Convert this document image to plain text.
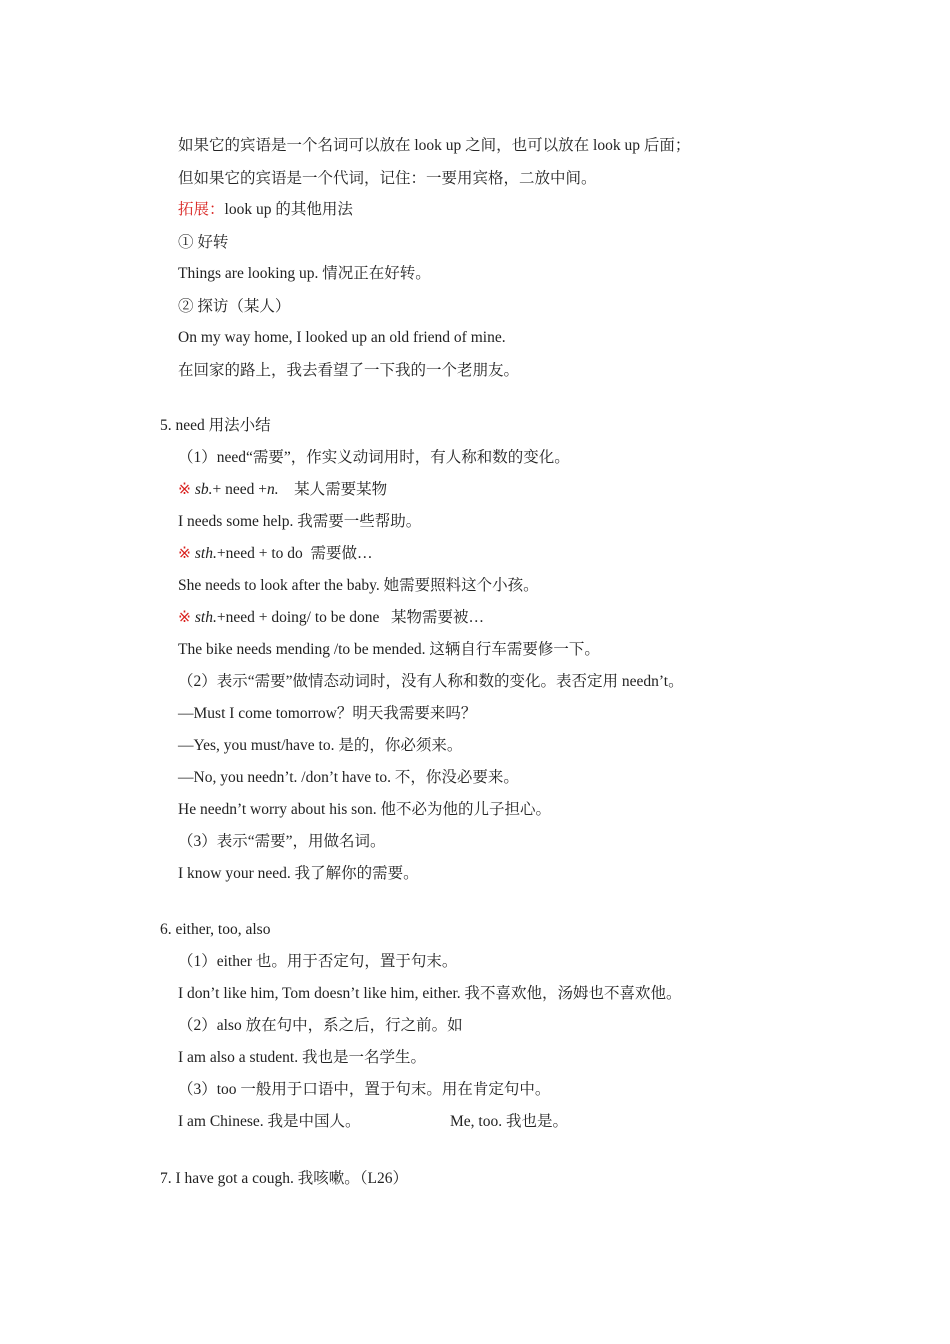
如果它的宾语是一个名词可以放在 look up 之间，也可以放在 look up 后面；
但如果它的宾语是一个代词，记住：一要用宾格，二放中间。
拓展：look up 的其他用法
① 好转
Things are looking up. 情况正在好转。
② 探访（某人）
On my way home, I looked up an old friend of mine.
在回家的路上，我去看望了一下我的一个老朋友。
5. need 用法小结
（1）need“需要”，作实义动词用时，有人称和数的变化。
※ sb.+ need +n.    某人需要某物
I needs some help. 我需要一些帮助。
※ sth.+need + to do  需要做…
She needs to look after the baby. 她需要照料这个小孩。
※ sth.+need + doing/ to be done   某物需要被…
The bike needs mending /to be mended. 这辆自行车需要修一下。
（2）表示“需要”做情态动词时，没有人称和数的变化。表否定用 needn’t。
—Must I come tomorrow？明天我需要来吗？
—Yes, you must/have to. 是的，你必须来。
—No, you needn’t. /don’t have to. 不，你没必要来。
He needn’t worry about his son. 他不必为他的儿子担心。
（3）表示“需要”，用做名词。
I know your need. 我了解你的需要。
6. either, too, also
（1）either 也。用于否定句，置于句末。
I don’t like him, Tom doesn’t like him, either. 我不喜欢他，汤姆也不喜欢他。
（2）also 放在句中，系之后，行之前。如
I am also a student. 我也是一名学生。
（3）too 一般用于口语中，置于句末。用在肯定句中。
I am Chinese. 我是中国人。	Me, too. 我也是。
7. I have got a cough. 我咳嗽。（L26）
